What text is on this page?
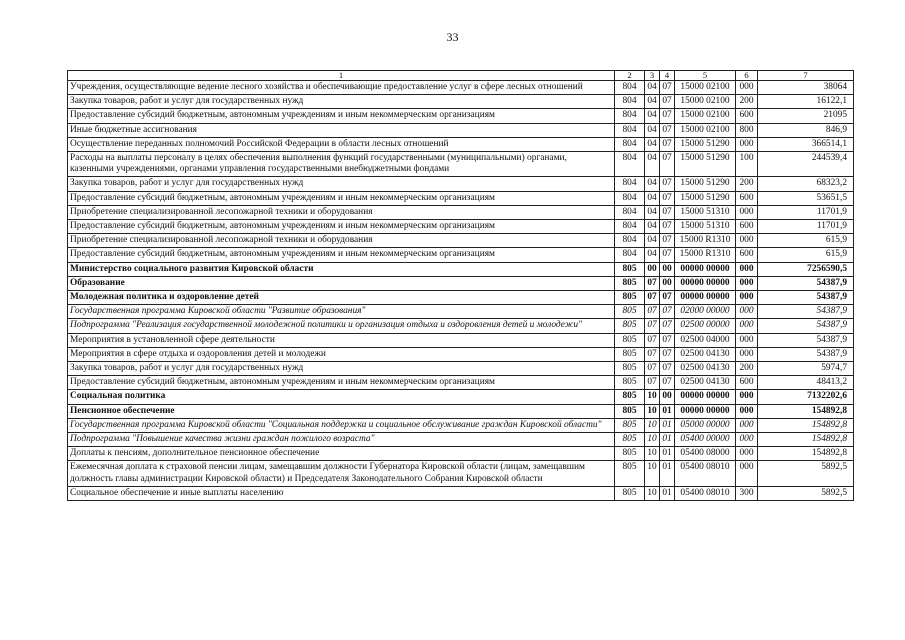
33
1	2	3	4	5	6	7
Учреждения, осуществляющие ведение лесного хозяйства и обеспечивающие предоставление услуг в сфере лесных отношений	804	04	07	15000 02100	000	38064
Закупка товаров, работ и услуг для государственных нужд	804	04	07	15000 02100	200	16122,1
Предоставление субсидий бюджетным, автономным учреждениям и иным некоммерческим организациям	804	04	07	15000 02100	600	21095
Иные бюджетные ассигнования	804	04	07	15000 02100	800	846,9
Осуществление переданных полномочий Российской Федерации в области лесных отношений	804	04	07	15000 51290	000	366514,1
Расходы на выплаты персоналу в целях обеспечения выполнения функций государственными (муниципальными) органами, казенными учреждениями, органами управления государственными внебюджетными фондами	804	04	07	15000 51290	100	244539,4
Закупка товаров, работ и услуг для государственных нужд	804	04	07	15000 51290	200	68323,2
Предоставление субсидий бюджетным, автономным учреждениям и иным некоммерческим организациям	804	04	07	15000 51290	600	53651,5
Приобретение специализированной лесопожарной техники и оборудования	804	04	07	15000 51310	000	11701,9
Предоставление субсидий бюджетным, автономным учреждениям и иным некоммерческим организациям	804	04	07	15000 51310	600	11701,9
Приобретение специализированной лесопожарной техники и оборудования	804	04	07	15000 R1310	000	615,9
Предоставление субсидий бюджетным, автономным учреждениям и иным некоммерческим организациям	804	04	07	15000 R1310	600	615,9
Министерство социального развития Кировской области	805	00	00	00000 00000	000	7256590,5
Образование	805	07	00	00000 00000	000	54387,9
Молодежная политика и оздоровление детей	805	07	07	00000 00000	000	54387,9
Государственная программа Кировской области "Развитие образования"	805	07	07	02000 00000	000	54387,9
Подпрограмма "Реализация государственной молодежной политики и организация отдыха и оздоровления детей и молодежи"	805	07	07	02500 00000	000	54387,9
Мероприятия в установленной сфере деятельности	805	07	07	02500 04000	000	54387,9
Мероприятия в сфере отдыха и оздоровления детей и молодежи	805	07	07	02500 04130	000	54387,9
Закупка товаров, работ и услуг для государственных нужд	805	07	07	02500 04130	200	5974,7
Предоставление субсидий бюджетным, автономным учреждениям и иным некоммерческим организациям	805	07	07	02500 04130	600	48413,2
Социальная политика	805	10	00	00000 00000	000	7132202,6
Пенсионное обеспечение	805	10	01	00000 00000	000	154892,8
Государственная программа Кировской области "Социальная поддержка и социальное обслуживание граждан Кировской области"	805	10	01	05000 00000	000	154892,8
Подпрограмма "Повышение качества жизни граждан пожилого возраста"	805	10	01	05400 00000	000	154892,8
Доплаты к пенсиям, дополнительное пенсионное обеспечение	805	10	01	05400 08000	000	154892,8
Ежемесячная доплата к страховой пенсии лицам, замещавшим должности Губернатора Кировской области (лицам, замещавшим должность главы администрации Кировской области) и Председателя Законодательного Собрания Кировской области	805	10	01	05400 08010	000	5892,5
Социальное обеспечение и иные выплаты населению	805	10	01	05400 08010	300	5892,5
